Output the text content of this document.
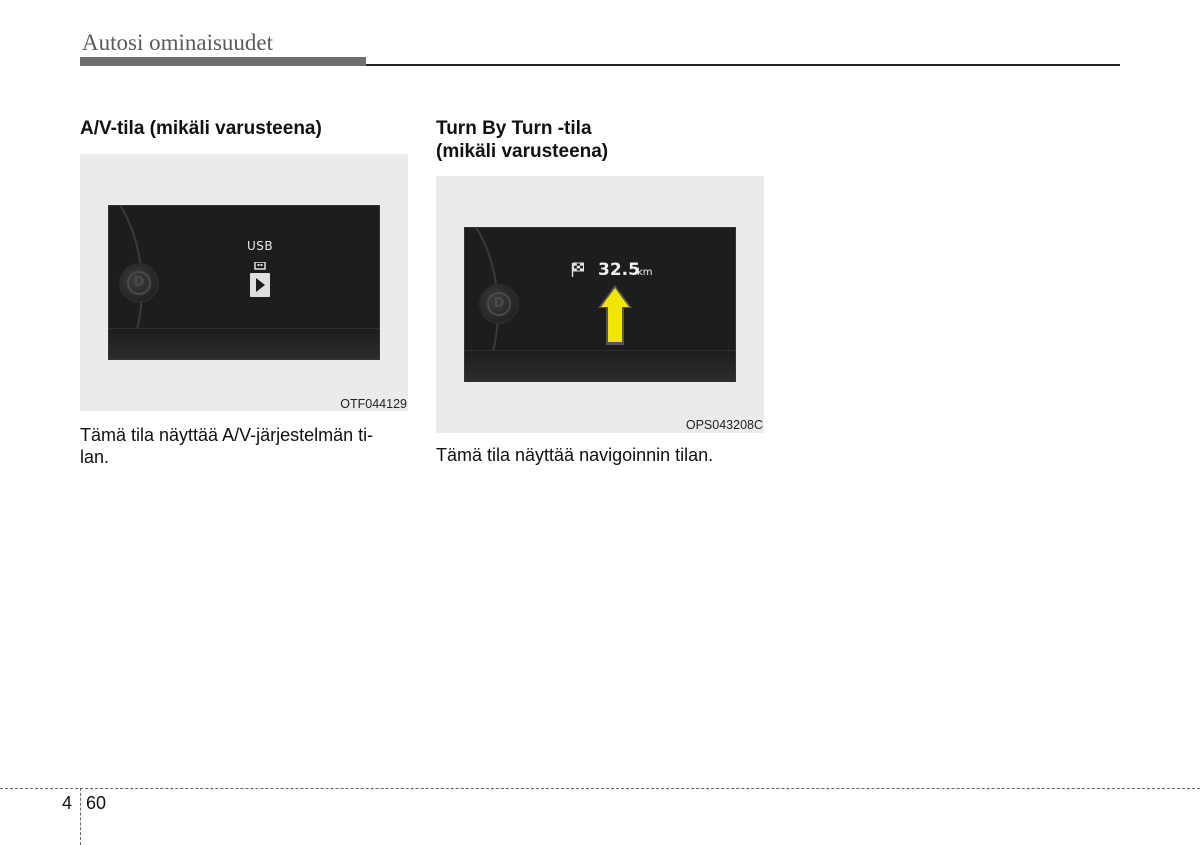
Autosi ominaisuudet
A/V-tila (mikäli varusteena)
D
USB
OTF044129
Tämä tila näyttää A/V-järjestelmän ti-
lan.
Turn By Turn -tila
(mikäli varusteena)
D
32.5
km
OPS043208C
Tämä tila näyttää navigoinnin tilan.
4 60
